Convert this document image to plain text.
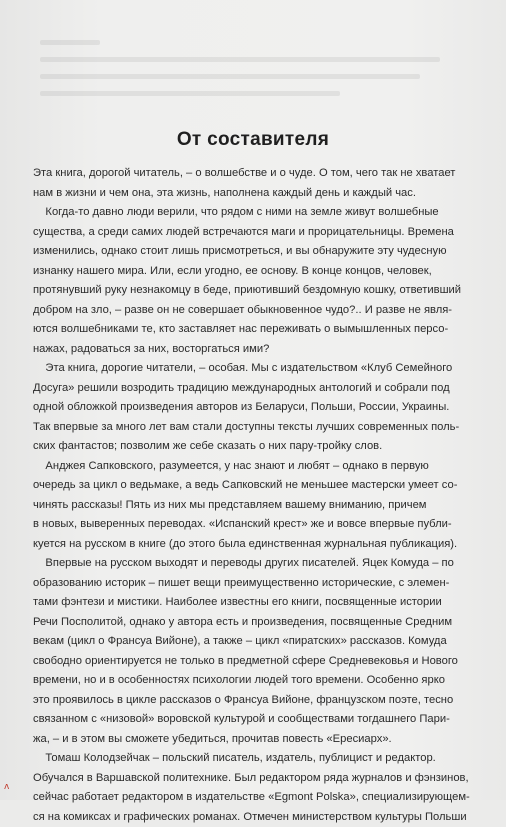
От составителя

Эта книга, дорогой читатель, – о волшебстве и о чуде. О том, чего так не хватает
нам в жизни и чем она, эта жизнь, наполнена каждый день и каждый час.

Когда-то давно люди верили, что рядом с ними на земле живут волшебные
существа, а среди самих людей встречаются маги и прорицательницы. Времена
изменились, однако стоит лишь присмотреться, и вы обнаружите эту чудесную
изнанку нашего мира. Или, если угодно, ее основу. В конце концов, человек,
протянувший руку незнакомцу в беде, приютивший бездомную кошку, ответивший
добром на зло, – разве он не совершает обыкновенное чудо?.. И разве не явля-
ются волшебниками те, кто заставляет нас переживать о вымышленных персо-
нажах, радоваться за них, восторгаться ими?

Эта книга, дорогие читатели, – особая. Мы с издательством «Клуб Семейного
Досуга» решили возродить традицию международных антологий и собрали под
одной обложкой произведения авторов из Беларуси, Польши, России, Украины.
Так впервые за много лет вам стали доступны тексты лучших современных поль-
ских фантастов; позволим же себе сказать о них пару-тройку слов.

Анджея Сапковского, разумеется, у нас знают и любят – однако в первую
очередь за цикл о ведьмаке, а ведь Сапковский не меньшее мастерски умеет со-
чинять рассказы! Пять из них мы представляем вашему вниманию, причем
в новых, выверенных переводах. «Испанский крест» же и вовсе впервые публи-
куется на русском в книге (до этого была единственная журнальная публикация).

Впервые на русском выходят и переводы других писателей. Яцек Комуда – по
образованию историк – пишет вещи преимущественно исторические, с элемен-
тами фэнтези и мистики. Наиболее известны его книги, посвященные истории
Речи Посполитой, однако у автора есть и произведения, посвященные Средним
векам (цикл о Франсуа Вийоне), а также – цикл «пиратских» рассказов. Комуда
свободно ориентируется не только в предметной сфере Средневековья и Нового
времени, но и в особенностях психологии людей того времени. Особенно ярко
это проявилось в цикле рассказов о Франсуа Вийоне, французском поэте, тесно
связанном с «низовой» воровской культурой и сообществами тогдашнего Пари-
жа, – и в этом вы сможете убедиться, прочитав повесть «Ересиарх».

Томаш Колодзейчак – польский писатель, издатель, публицист и редактор.
Обучался в Варшавской политехнике. Был редактором ряда журналов и фэнзинов,
сейчас работает редактором в издательстве «Egmont Polska», специализирующем-
ся на комиксах и графических романах. Отмечен министерством культуры Польши

ʌ
